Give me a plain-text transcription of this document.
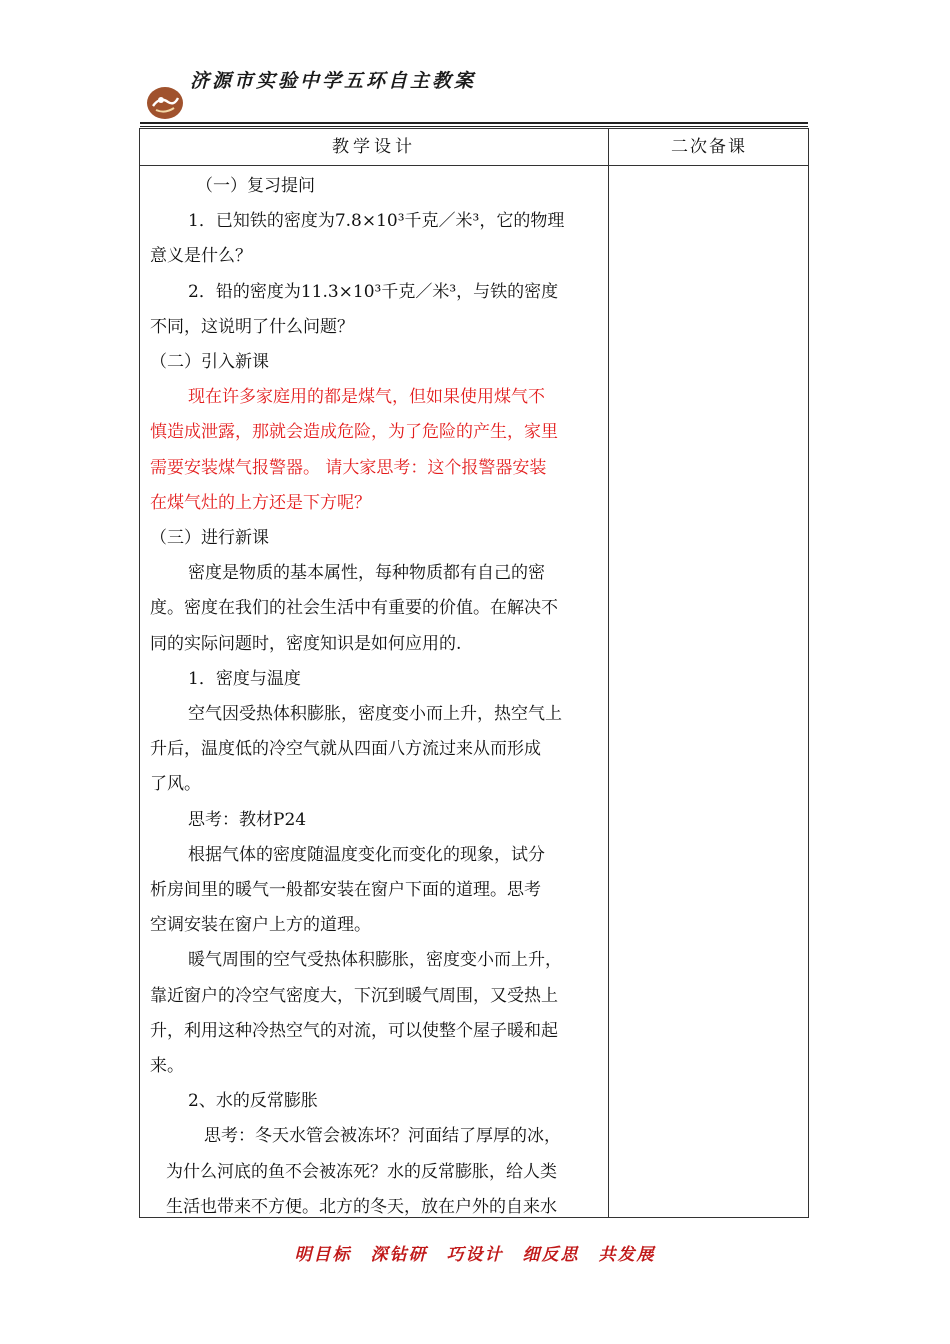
济源市实验中学五环自主教案
教学设计	二次备课

（一）复习提问

1．已知铁的密度为7.8×10³千克／米³，它的物理

意义是什么？

2．铅的密度为11.3×10³千克／米³，与铁的密度

不同，这说明了什么问题？

（二）引入新课

现在许多家庭用的都是煤气，但如果使用煤气不

慎造成泄露，那就会造成危险，为了危险的产生，家里

需要安装煤气报警器。 请大家思考：这个报警器安装

在煤气灶的上方还是下方呢？

（三）进行新课

密度是物质的基本属性，每种物质都有自己的密

度。密度在我们的社会生活中有重要的价值。在解决不

同的实际问题时，密度知识是如何应用的.

1．密度与温度

空气因受热体积膨胀，密度变小而上升，热空气上

升后，温度低的冷空气就从四面八方流过来从而形成

了风。

思考：教材P24

根据气体的密度随温度变化而变化的现象，试分

析房间里的暖气一般都安装在窗户下面的道理。思考

空调安装在窗户上方的道理。

暖气周围的空气受热体积膨胀，密度变小而上升，

靠近窗户的冷空气密度大，下沉到暖气周围，又受热上

升，利用这种冷热空气的对流，可以使整个屋子暖和起

来。

2、水的反常膨胀

思考：冬天水管会被冻坏？河面结了厚厚的冰，

为什么河底的鱼不会被冻死？水的反常膨胀，给人类

生活也带来不方便。北方的冬天，放在户外的自来水

明目标　深钻研　巧设计　细反思　共发展
